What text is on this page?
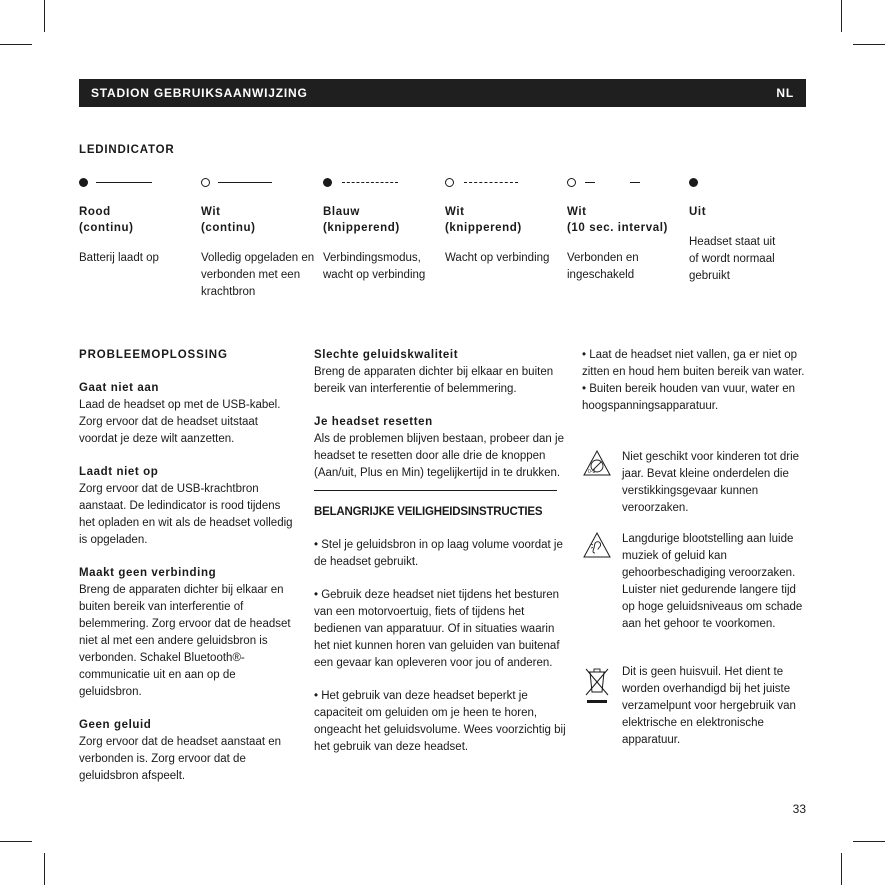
STADION GEBRUIKSAANWIJZING	NL
LEDINDICATOR
Rood
(continu)
Batterij laadt op
Wit
(continu)
Volledig opgeladen en verbonden met een krachtbron
Blauw
(knipperend)
Verbindingsmodus, wacht op verbinding
Wit
(knipperend)
Wacht op verbinding
Wit
(10 sec. interval)
Verbonden en ingeschakeld
Uit
Headset staat uit of wordt normaal gebruikt

PROBLEEMOPLOSSING

Gaat niet aan

Laad de headset op met de USB-kabel. Zorg ervoor dat de headset uitstaat voordat je deze wilt aanzetten.

Laadt niet op

Zorg ervoor dat de USB-krachtbron aanstaat. De ledindicator is rood tijdens het opladen en wit als de headset volledig is opgeladen.

Maakt geen verbinding

Breng de apparaten dichter bij elkaar en buiten bereik van interferentie of belemmering. Zorg ervoor dat de headset niet al met een andere geluidsbron is verbonden. Schakel Bluetooth®-communicatie uit en aan op de geluidsbron.

Geen geluid

Zorg ervoor dat de headset aanstaat en verbonden is. Zorg ervoor dat de geluidsbron afspeelt.

Slechte geluidskwaliteit

Breng de apparaten dichter bij elkaar en buiten bereik van interferentie of belemmering.

Je headset resetten

Als de problemen blijven bestaan, probeer dan je headset te resetten door alle drie de knoppen (Aan/uit, Plus en Min) tegelijkertijd in te drukken.

BELANGRIJKE VEILIGHEIDSINSTRUCTIES

• Stel je geluidsbron in op laag volume voordat je de headset gebruikt.

• Gebruik deze headset niet tijdens het besturen van een motorvoertuig, fiets of tijdens het bedienen van apparatuur. Of in situaties waarin het niet kunnen horen van geluiden van buitenaf een gevaar kan opleveren voor jou of anderen.

• Het gebruik van deze headset beperkt je capaciteit om geluiden om je heen te horen, ongeacht het geluidsvolume. Wees voorzichtig bij het gebruik van deze headset.

• Laat de headset niet vallen, ga er niet op zitten en houd hem buiten bereik van water.

• Buiten bereik houden van vuur, water en hoogspanningsapparatuur.

0-3
Niet geschikt voor kinderen tot drie jaar. Bevat kleine onderdelen die verstikkingsgevaar kunnen veroorzaken.
Langdurige blootstelling aan luide muziek of geluid kan gehoorbeschadiging veroorzaken. Luister niet gedurende langere tijd op hoge geluidsniveaus om schade aan het gehoor te voorkomen.
Dit is geen huisvuil. Het dient te worden overhandigd bij het juiste verzamelpunt voor hergebruik van elektrische en elektronische apparatuur.
33
